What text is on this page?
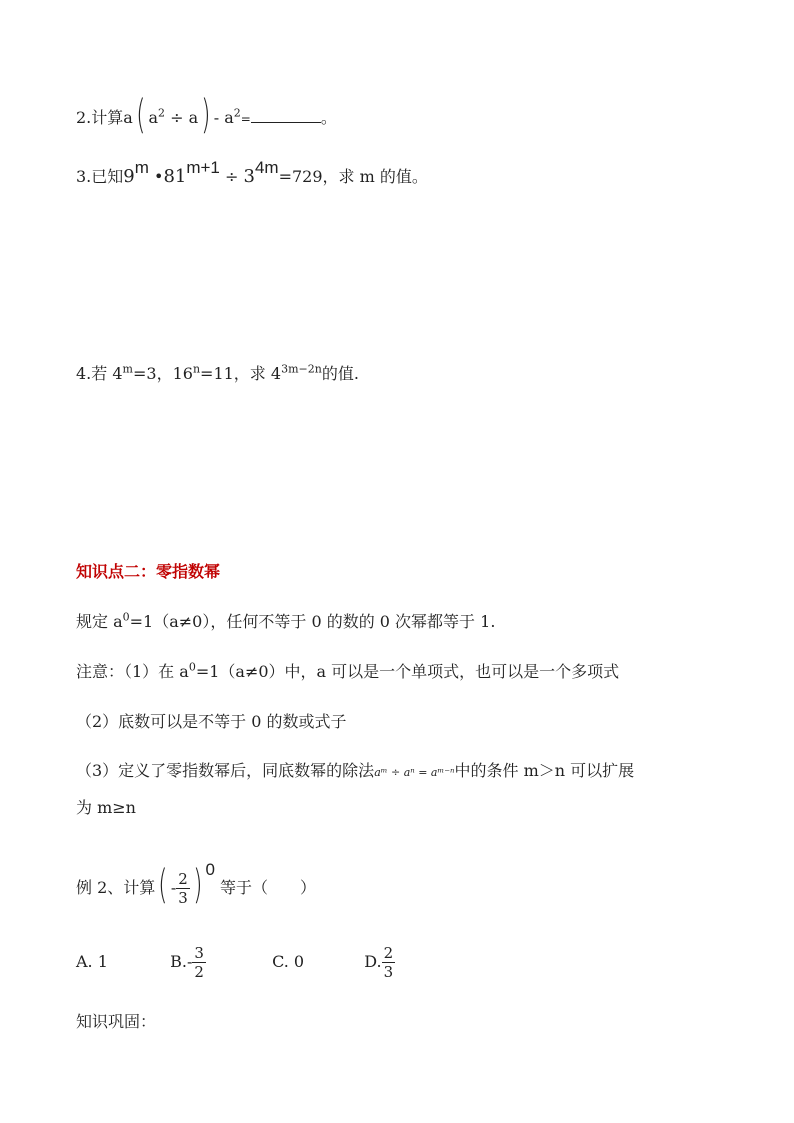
2.计算a( $a^2 \div a) - a^2=$	。
3.已知9m •81m+1 ÷ 34m=729，求 m 的值。
4.若 $4^m=3$，$16^n=11$，求 $4^{3m-2n}$的值.
知识点二：零指数幂
规定 $a^0=1(a\ne 0)$，任何不等于 0 的数的 0 次幂都等于 1.
注意：（1）在 $a^0=1(a\ne 0)$中，a 可以是一个单项式，也可以是一个多项式
（2）底数可以是不等于 0 的数或式子
（3）定义了零指数幂后，同底数幂的除法aᵐ ÷ aⁿ = aᵐ⁻ⁿ中的条件 m＞n 可以扩展
为 m≥n
例 2、计算( - $\frac{2}{3}$ ) 0 等于（　　）
A. 1	$B.- \frac{3}{2}$	C. 0	D. $\frac{2}{3}$
知识巩固：
